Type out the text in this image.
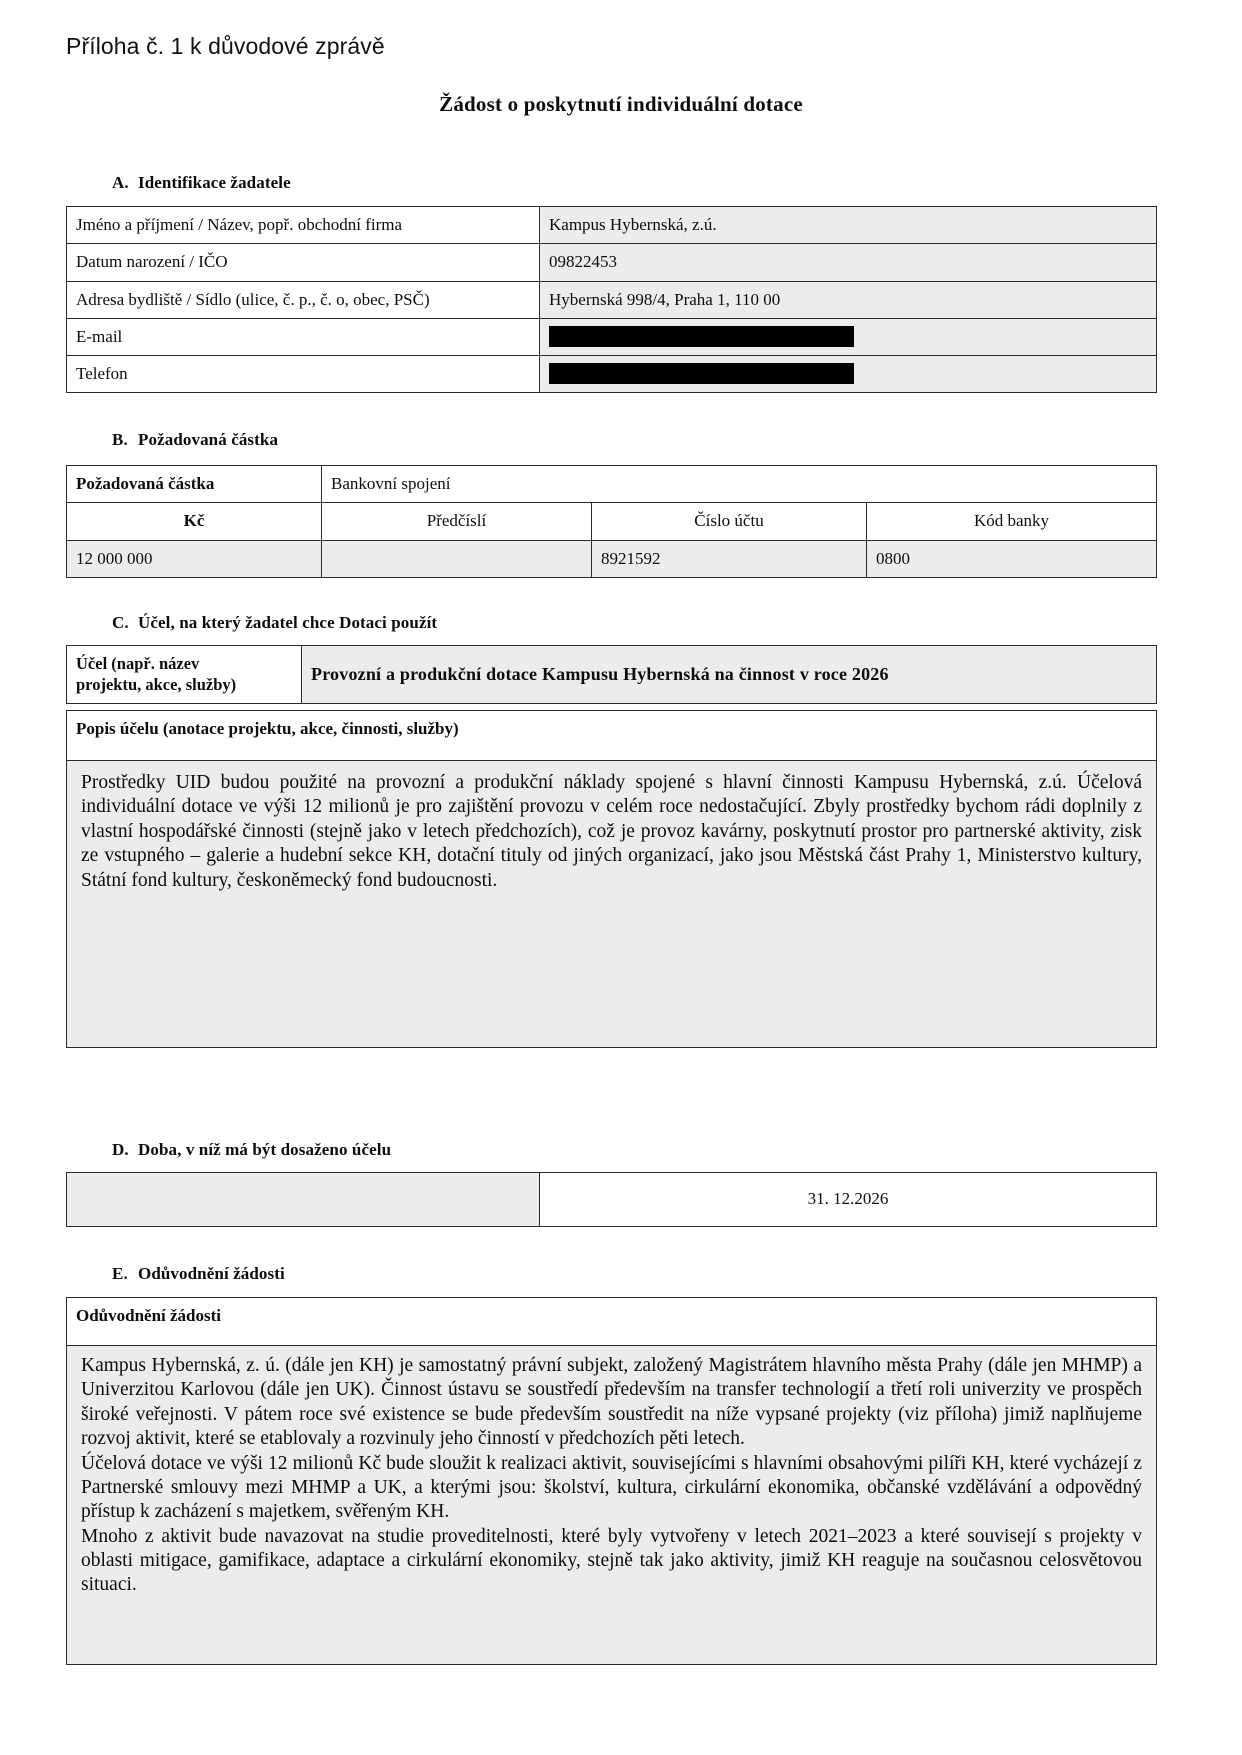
Příloha č. 1 k důvodové zprávě
Žádost o poskytnutí individuální dotace
A. Identifikace žadatele
Jméno a příjmení / Název, popř. obchodní firma	Kampus Hybernská, z.ú.
Datum narození / IČO	09822453
Adresa bydliště / Sídlo (ulice, č. p., č. o, obec, PSČ)	Hybernská 998/4, Praha 1, 110 00
E-mail	

Telefon	
B. Požadovaná částka
Požadovaná částka	Bankovní spojení		
Kč	Předčíslí	Číslo účtu	Kód banky
12 000 000		8921592	0800
C. Účel, na který žadatel chce Dotaci použít
Účel (např. název
projektu, akce, služby)	Provozní a produkční dotace Kampusu Hybernská na činnost v roce 2026
Popis účelu (anotace projektu, akce, činnosti, služby)

Prostředky UID budou použité na provozní a produkční náklady spojené s hlavní činnosti Kampusu Hybernská, z.ú. Účelová individuální dotace ve výši 12 milionů je pro zajištění provozu v celém roce nedostačující. Zbyly prostředky bychom rádi doplnily z vlastní hospodářské činnosti (stejně jako v letech předchozích), což je provoz kavárny, poskytnutí prostor pro partnerské aktivity, zisk ze vstupného – galerie a hudební sekce KH, dotační tituly od jiných organizací, jako jsou Městská část Prahy 1, Ministerstvo kultury, Státní fond kultury, českoněmecký fond budoucnosti.

D. Doba, v níž má být dosaženo účelu
	31. 12.2026
E. Odůvodnění žádosti
Odůvodnění žádosti

Kampus Hybernská, z. ú. (dále jen KH) je samostatný právní subjekt, založený Magistrátem hlavního města Prahy (dále jen MHMP) a Univerzitou Karlovou (dále jen UK). Činnost ústavu se soustředí především na transfer technologií a třetí roli univerzity ve prospěch široké veřejnosti. V pátem roce své existence se bude především soustředit na níže vypsané projekty (viz příloha) jimiž naplňujeme rozvoj aktivit, které se etablovaly a rozvinuly jeho činností v předchozích pěti letech.

Účelová dotace ve výši 12 milionů Kč bude sloužit k realizaci aktivit, souvisejícími s hlavními obsahovými pilíři KH, které vycházejí z Partnerské smlouvy mezi MHMP a UK, a kterými jsou: školství, kultura, cirkulární ekonomika, občanské vzdělávání a odpovědný přístup k zacházení s majetkem, svěřeným KH.

Mnoho z aktivit bude navazovat na studie proveditelnosti, které byly vytvořeny v letech 2021–2023 a které souvisejí s projekty v oblasti mitigace, gamifikace, adaptace a cirkulární ekonomiky, stejně tak jako aktivity, jimiž KH reaguje na současnou celosvětovou situaci.
